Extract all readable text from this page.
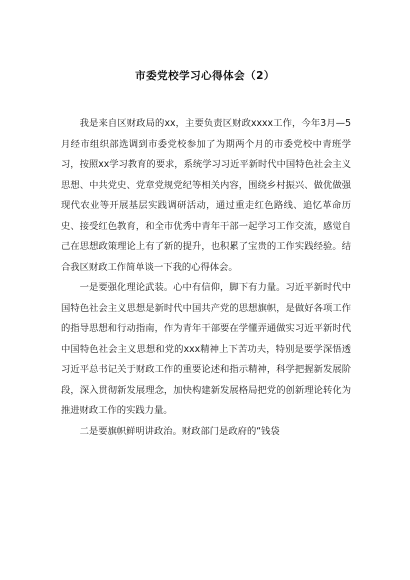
市委党校学习心得体会（2）

我是来自区财政局的xx，主要负责区财政xxxx工作，今年3月—5月经市组织部选调到市委党校参加了为期两个月的市委党校中青班学习，按照xx学习教育的要求，系统学习习近平新时代中国特色社会主义思想、中共党史、党章党规党纪等相关内容，围绕乡村振兴、做优做强现代农业等开展基层实践调研活动，通过重走红色路线、追忆革命历史、接受红色教育，和全市优秀中青年干部一起学习工作交流，感觉自己在思想政策理论上有了新的提升，也积累了宝贵的工作实践经验。结合我区财政工作简单谈一下我的心得体会。

一是要强化理论武装。心中有信仰，脚下有力量。习近平新时代中国特色社会主义思想是新时代中国共产党的思想旗帜，是做好各项工作的指导思想和行动指南，作为青年干部要在学懂弄通做实习近平新时代中国特色社会主义思想和党的xxx精神上下苦功夫，特别是要学深悟透习近平总书记关于财政工作的重要论述和指示精神，科学把握新发展阶段，深入贯彻新发展理念，加快构建新发展格局把党的创新理论转化为推进财政工作的实践力量。

二是要旗帜鲜明讲政治。财政部门是政府的“钱袋
